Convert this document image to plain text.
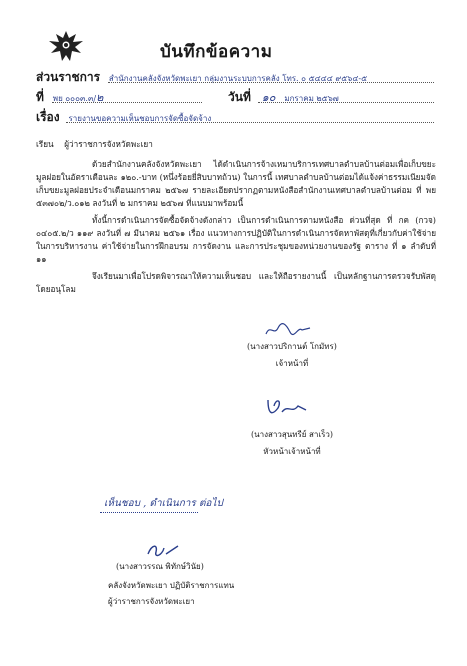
บันทึกข้อความ
ส่วนราชการ สำนักงานคลังจังหวัดพะเยา กลุ่มงานระบบการคลัง โทร. ๐ ๕๔๔๔ ๙๕๖๔-๕
ที่ พย ๐๐๐๓.๓/๒	วันที่ ๑๐ มกราคม ๒๕๖๗
เรื่อง รายงานขอความเห็นชอบการจัดซื้อจัดจ้าง
เรียน ผู้ว่าราชการจังหวัดพะเยา

ด้วยสำนักงานคลังจังหวัดพะเยา ได้ดำเนินการจ้างเหมาบริการเทศบาลตำบลบ้านต่อมเพื่อเก็บขยะมูลฝอยในอัตราเดือนละ ๑๒๐.-บาท (หนึ่งร้อยยี่สิบบาทถ้วน) ในการนี้ เทศบาลตำบลบ้านต่อมได้แจ้งค่าธรรมเนียมจัดเก็บขยะมูลฝอยประจำเดือนมกราคม ๒๕๖๗ รายละเอียดปรากฏตามหนังสือสำนักงานเทศบาลตำบลบ้านต่อม ที่ พย ๕๓๗๐๒/ว.๐๑๒ ลงวันที่ ๒ มกราคม ๒๕๖๗ ที่แนบมาพร้อมนี้

ทั้งนี้การดำเนินการจัดซื้อจัดจ้างดังกล่าว เป็นการดำเนินการตามหนังสือ ด่วนที่สุด ที่ กค (กวจ) ๐๔๐๕.๒/ว ๑๑๙ ลงวันที่ ๗ มีนาคม ๒๕๖๑ เรื่อง แนวทางการปฏิบัติในการดำเนินการจัดหาพัสดุที่เกี่ยวกับค่าใช้จ่ายในการบริหารงาน ค่าใช้จ่ายในการฝึกอบรม การจัดงาน และการประชุมของหน่วยงานของรัฐ ตาราง ที่ ๑ ลำดับที่ ๑๑

จึงเรียนมาเพื่อโปรดพิจารณาให้ความเห็นชอบ และให้ถือรายงานนี้ เป็นหลักฐานการตรวจรับพัสดุ โดยอนุโลม

(นางสาวปริกานต์ โกมัทร)
เจ้าหน้าที่
(นางสาวสุนทรีย์ สาเร็ว)
หัวหน้าเจ้าหน้าที่
เห็นชอบ , ดำเนินการ ต่อไป
(นางสาวรรณ พิทักษ์วินัย)
คลังจังหวัดพะเยา ปฏิบัติราชการแทน
ผู้ว่าราชการจังหวัดพะเยา
